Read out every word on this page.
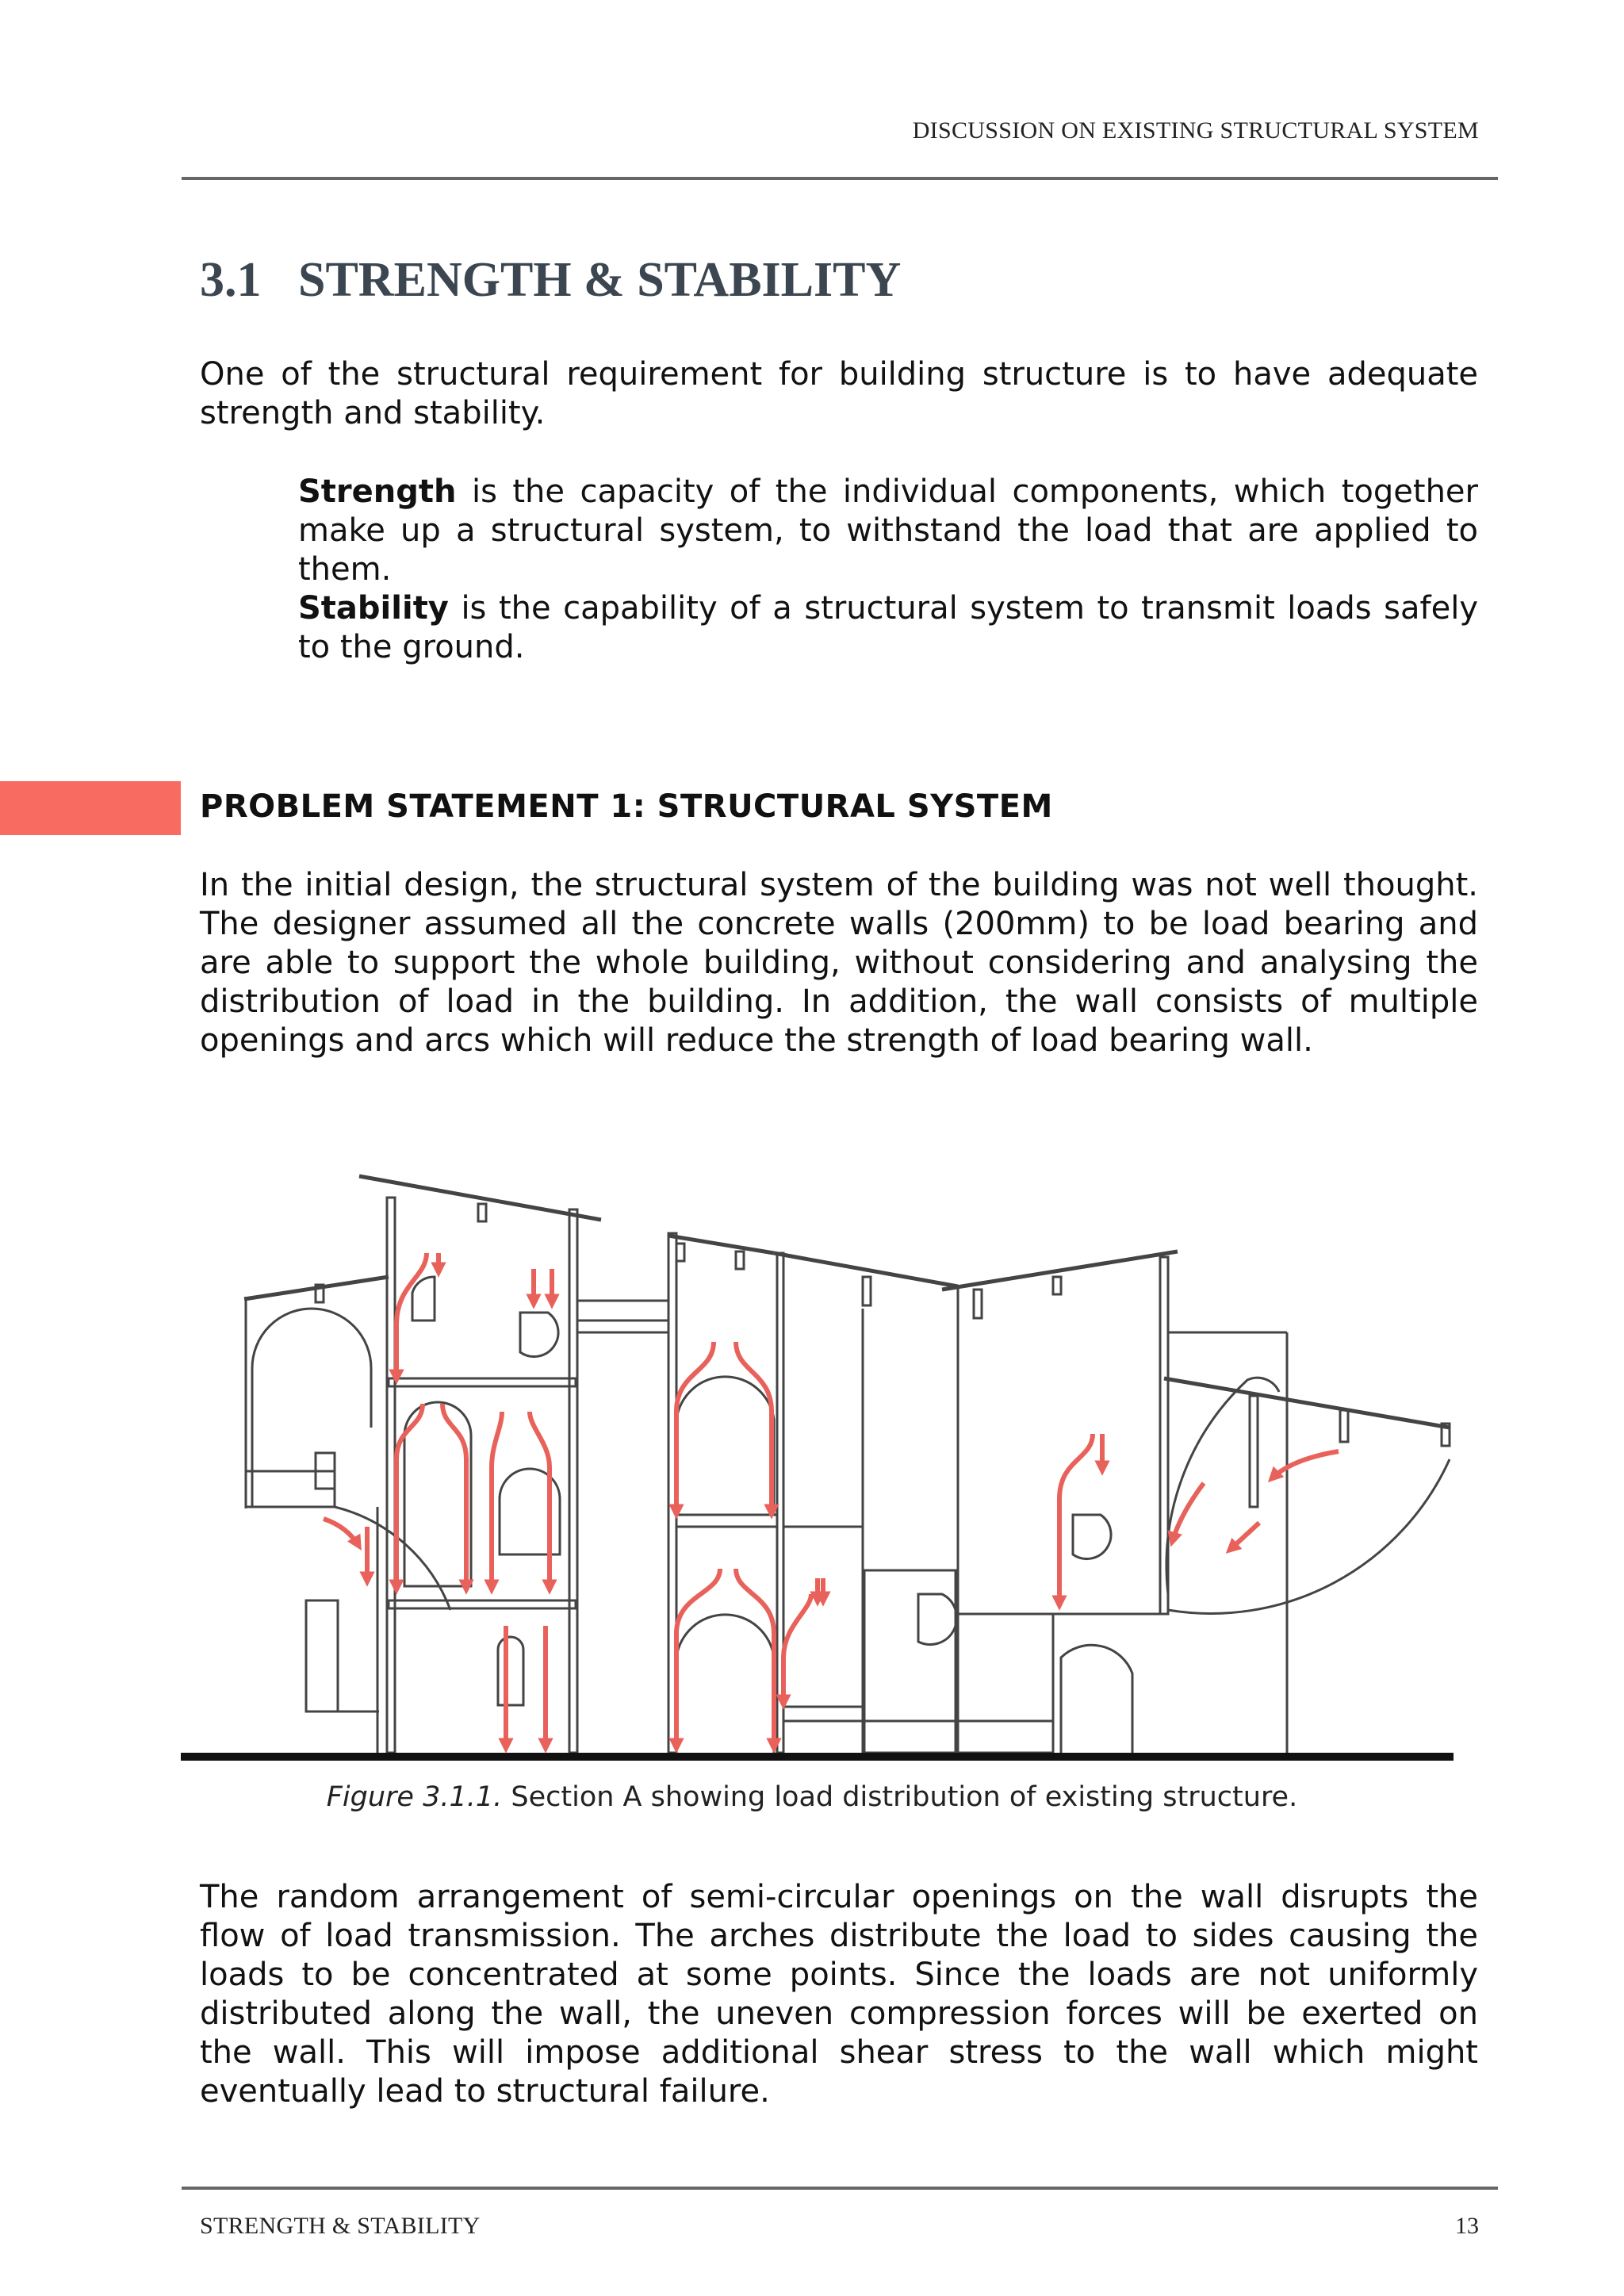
DISCUSSION ON EXISTING STRUCTURAL SYSTEM
3.1 STRENGTH & STABILITY

One of the structural requirement for building structure is to have adequate strength and stability.

Strength is the capacity of the individual components, which together make up a structural system, to withstand the load that are applied to them.

Stability is the capability of a structural system to transmit loads safely to the ground.

PROBLEM STATEMENT 1: STRUCTURAL SYSTEM

In the initial design, the structural system of the building was not well thought. The designer assumed all the concrete walls (200mm) to be load bearing and are able to support the whole building, without considering and analysing the distribution of load in the building. In addition, the wall consists of multiple openings and arcs which will reduce the strength of load bearing wall.

Figure 3.1.1. Section A showing load distribution of existing structure.

The random arrangement of semi-circular openings on the wall disrupts the flow of load transmission. The arches distribute the load to sides causing the loads to be concentrated at some points. Since the loads are not uniformly distributed along the wall, the uneven compression forces will be exerted on the wall. This will impose additional shear stress to the wall which might eventually lead to structural failure.

STRENGTH & STABILITY	13
